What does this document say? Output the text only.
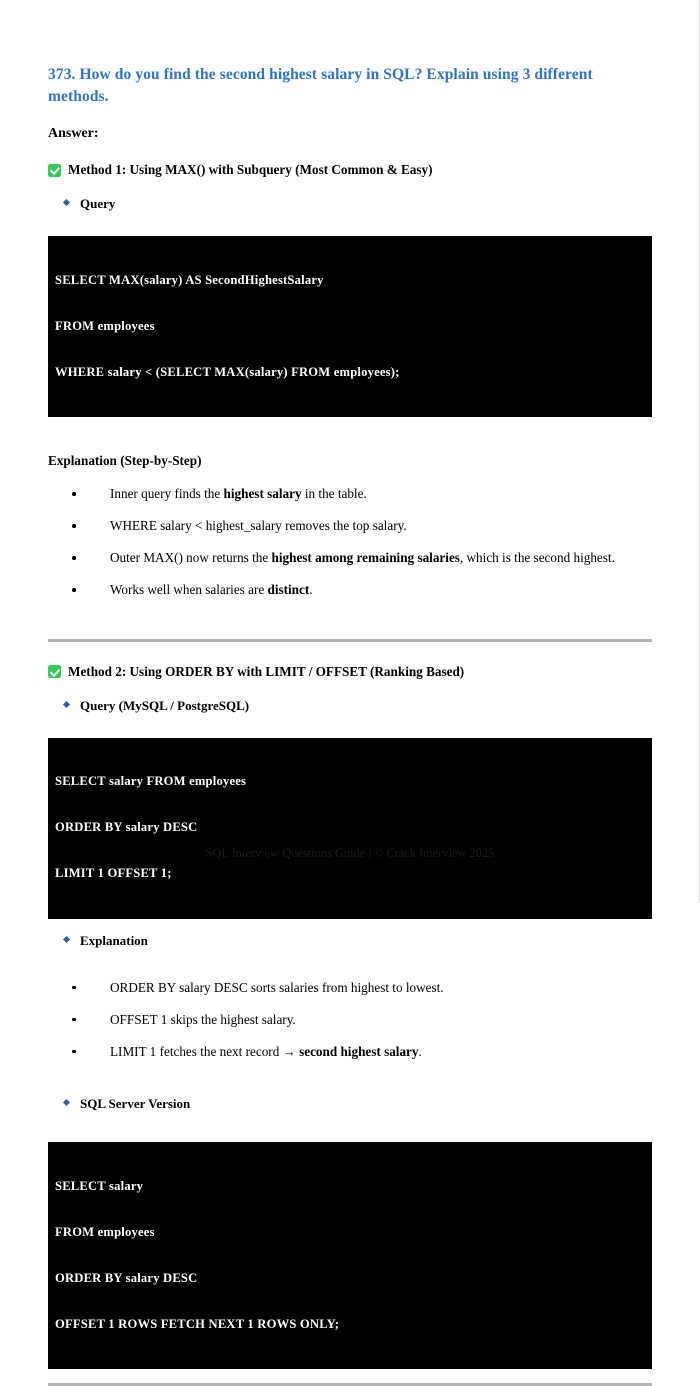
373. How do you find the second highest salary in SQL? Explain using 3 different methods.
Answer:
Method 1: Using MAX() with Subquery (Most Common & Easy)
Query

SELECT MAX(salary) AS SecondHighestSalary

FROM employees

WHERE salary < (SELECT MAX(salary) FROM employees);

Explanation (Step-by-Step)
Inner query finds the highest salary in the table.
WHERE salary < highest_salary removes the top salary.
Outer MAX() now returns the highest among remaining salaries, which is the second highest.
Works well when salaries are distinct.
Method 2: Using ORDER BY with LIMIT / OFFSET (Ranking Based)
Query (MySQL / PostgreSQL)

SELECT salary FROM employees

ORDER BY salary DESC

LIMIT 1 OFFSET 1;

Explanation
ORDER BY salary DESC sorts salaries from highest to lowest.
OFFSET 1 skips the highest salary.
LIMIT 1 fetches the next record → second highest salary.
SQL Server Version

SELECT salary

FROM employees

ORDER BY salary DESC

OFFSET 1 ROWS FETCH NEXT 1 ROWS ONLY;

SQL Interview Questions Guide | © Crack Interview 2025
